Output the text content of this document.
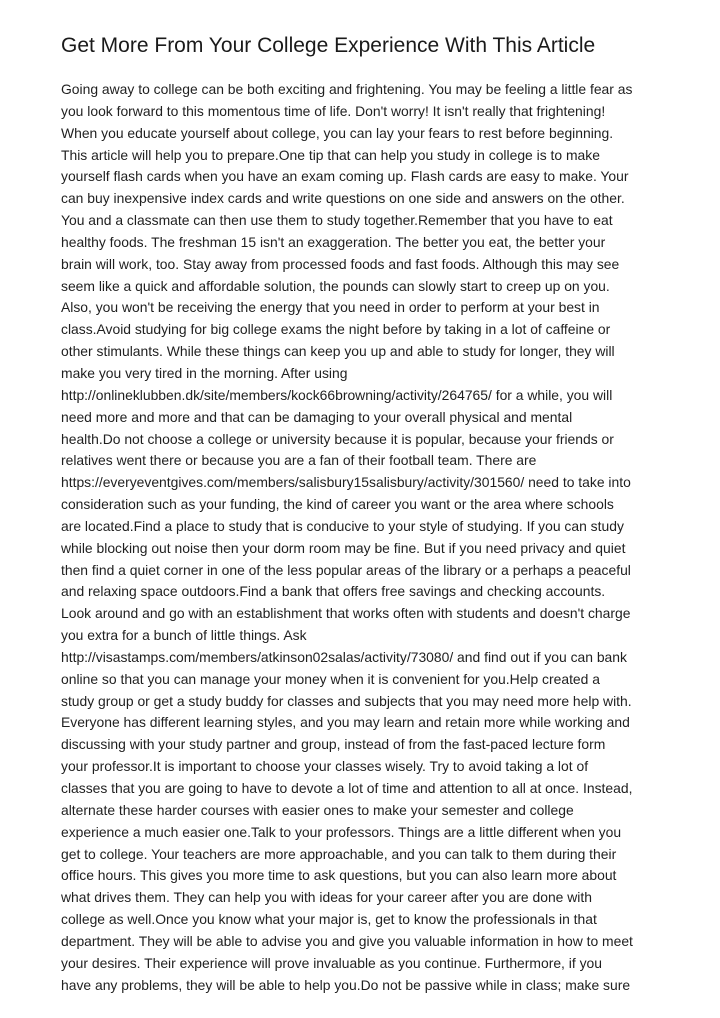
Get More From Your College Experience With This Article
Going away to college can be both exciting and frightening. You may be feeling a little fear as
you look forward to this momentous time of life. Don't worry! It isn't really that frightening!
When you educate yourself about college, you can lay your fears to rest before beginning.
This article will help you to prepare.One tip that can help you study in college is to make
yourself flash cards when you have an exam coming up. Flash cards are easy to make. Your
can buy inexpensive index cards and write questions on one side and answers on the other.
You and a classmate can then use them to study together.Remember that you have to eat
healthy foods. The freshman 15 isn't an exaggeration. The better you eat, the better your
brain will work, too. Stay away from processed foods and fast foods. Although this may see
seem like a quick and affordable solution, the pounds can slowly start to creep up on you.
Also, you won't be receiving the energy that you need in order to perform at your best in
class.Avoid studying for big college exams the night before by taking in a lot of caffeine or
other stimulants. While these things can keep you up and able to study for longer, they will
make you very tired in the morning. After using
http://onlineklubben.dk/site/members/kock66browning/activity/264765/ for a while, you will
need more and more and that can be damaging to your overall physical and mental
health.Do not choose a college or university because it is popular, because your friends or
relatives went there or because you are a fan of their football team. There are
https://everyeventgives.com/members/salisbury15salisbury/activity/301560/ need to take into
consideration such as your funding, the kind of career you want or the area where schools
are located.Find a place to study that is conducive to your style of studying. If you can study
while blocking out noise then your dorm room may be fine. But if you need privacy and quiet
then find a quiet corner in one of the less popular areas of the library or a perhaps a peaceful
and relaxing space outdoors.Find a bank that offers free savings and checking accounts.
Look around and go with an establishment that works often with students and doesn't charge
you extra for a bunch of little things. Ask
http://visastamps.com/members/atkinson02salas/activity/73080/ and find out if you can bank
online so that you can manage your money when it is convenient for you.Help created a
study group or get a study buddy for classes and subjects that you may need more help with.
Everyone has different learning styles, and you may learn and retain more while working and
discussing with your study partner and group, instead of from the fast-paced lecture form
your professor.It is important to choose your classes wisely. Try to avoid taking a lot of
classes that you are going to have to devote a lot of time and attention to all at once. Instead,
alternate these harder courses with easier ones to make your semester and college
experience a much easier one.Talk to your professors. Things are a little different when you
get to college. Your teachers are more approachable, and you can talk to them during their
office hours. This gives you more time to ask questions, but you can also learn more about
what drives them. They can help you with ideas for your career after you are done with
college as well.Once you know what your major is, get to know the professionals in that
department. They will be able to advise you and give you valuable information in how to meet
your desires. Their experience will prove invaluable as you continue. Furthermore, if you
have any problems, they will be able to help you.Do not be passive while in class; make sure
